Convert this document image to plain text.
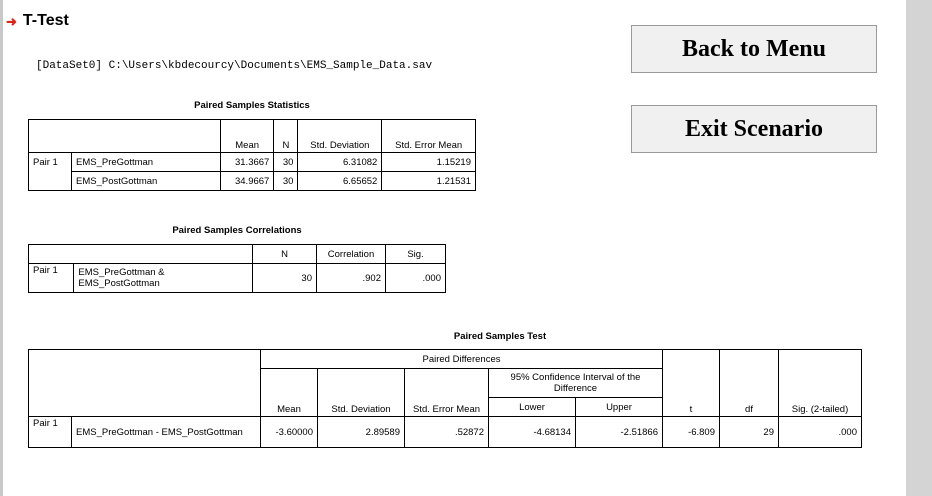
➜ T-Test
[DataSet0] C:\Users\kbdecourcy\Documents\EMS_Sample_Data.sav
Back to Menu
Exit Scenario
Paired Samples Statistics
		Mean	N	Std. Deviation	Std. Error Mean
Pair 1	EMS_PreGottman	31.3667	30	6.31082	1.15219
	EMS_PostGottman	34.9667	30	6.65652	1.21531
Paired Samples Correlations
		N	Correlation	Sig.
Pair 1	EMS_PreGottman & EMS_PostGottman	30	.902	.000
Paired Samples Test
		Paired Differences					t	df	Sig. (2-tailed)
		Mean	Std. Deviation	Std. Error Mean	95% Confidence Interval of the Difference				
					Lower	Upper			
Pair 1	EMS_PreGottman - EMS_PostGottman	-3.60000	2.89589	.52872	-4.68134	-2.51866	-6.809	29	.000
